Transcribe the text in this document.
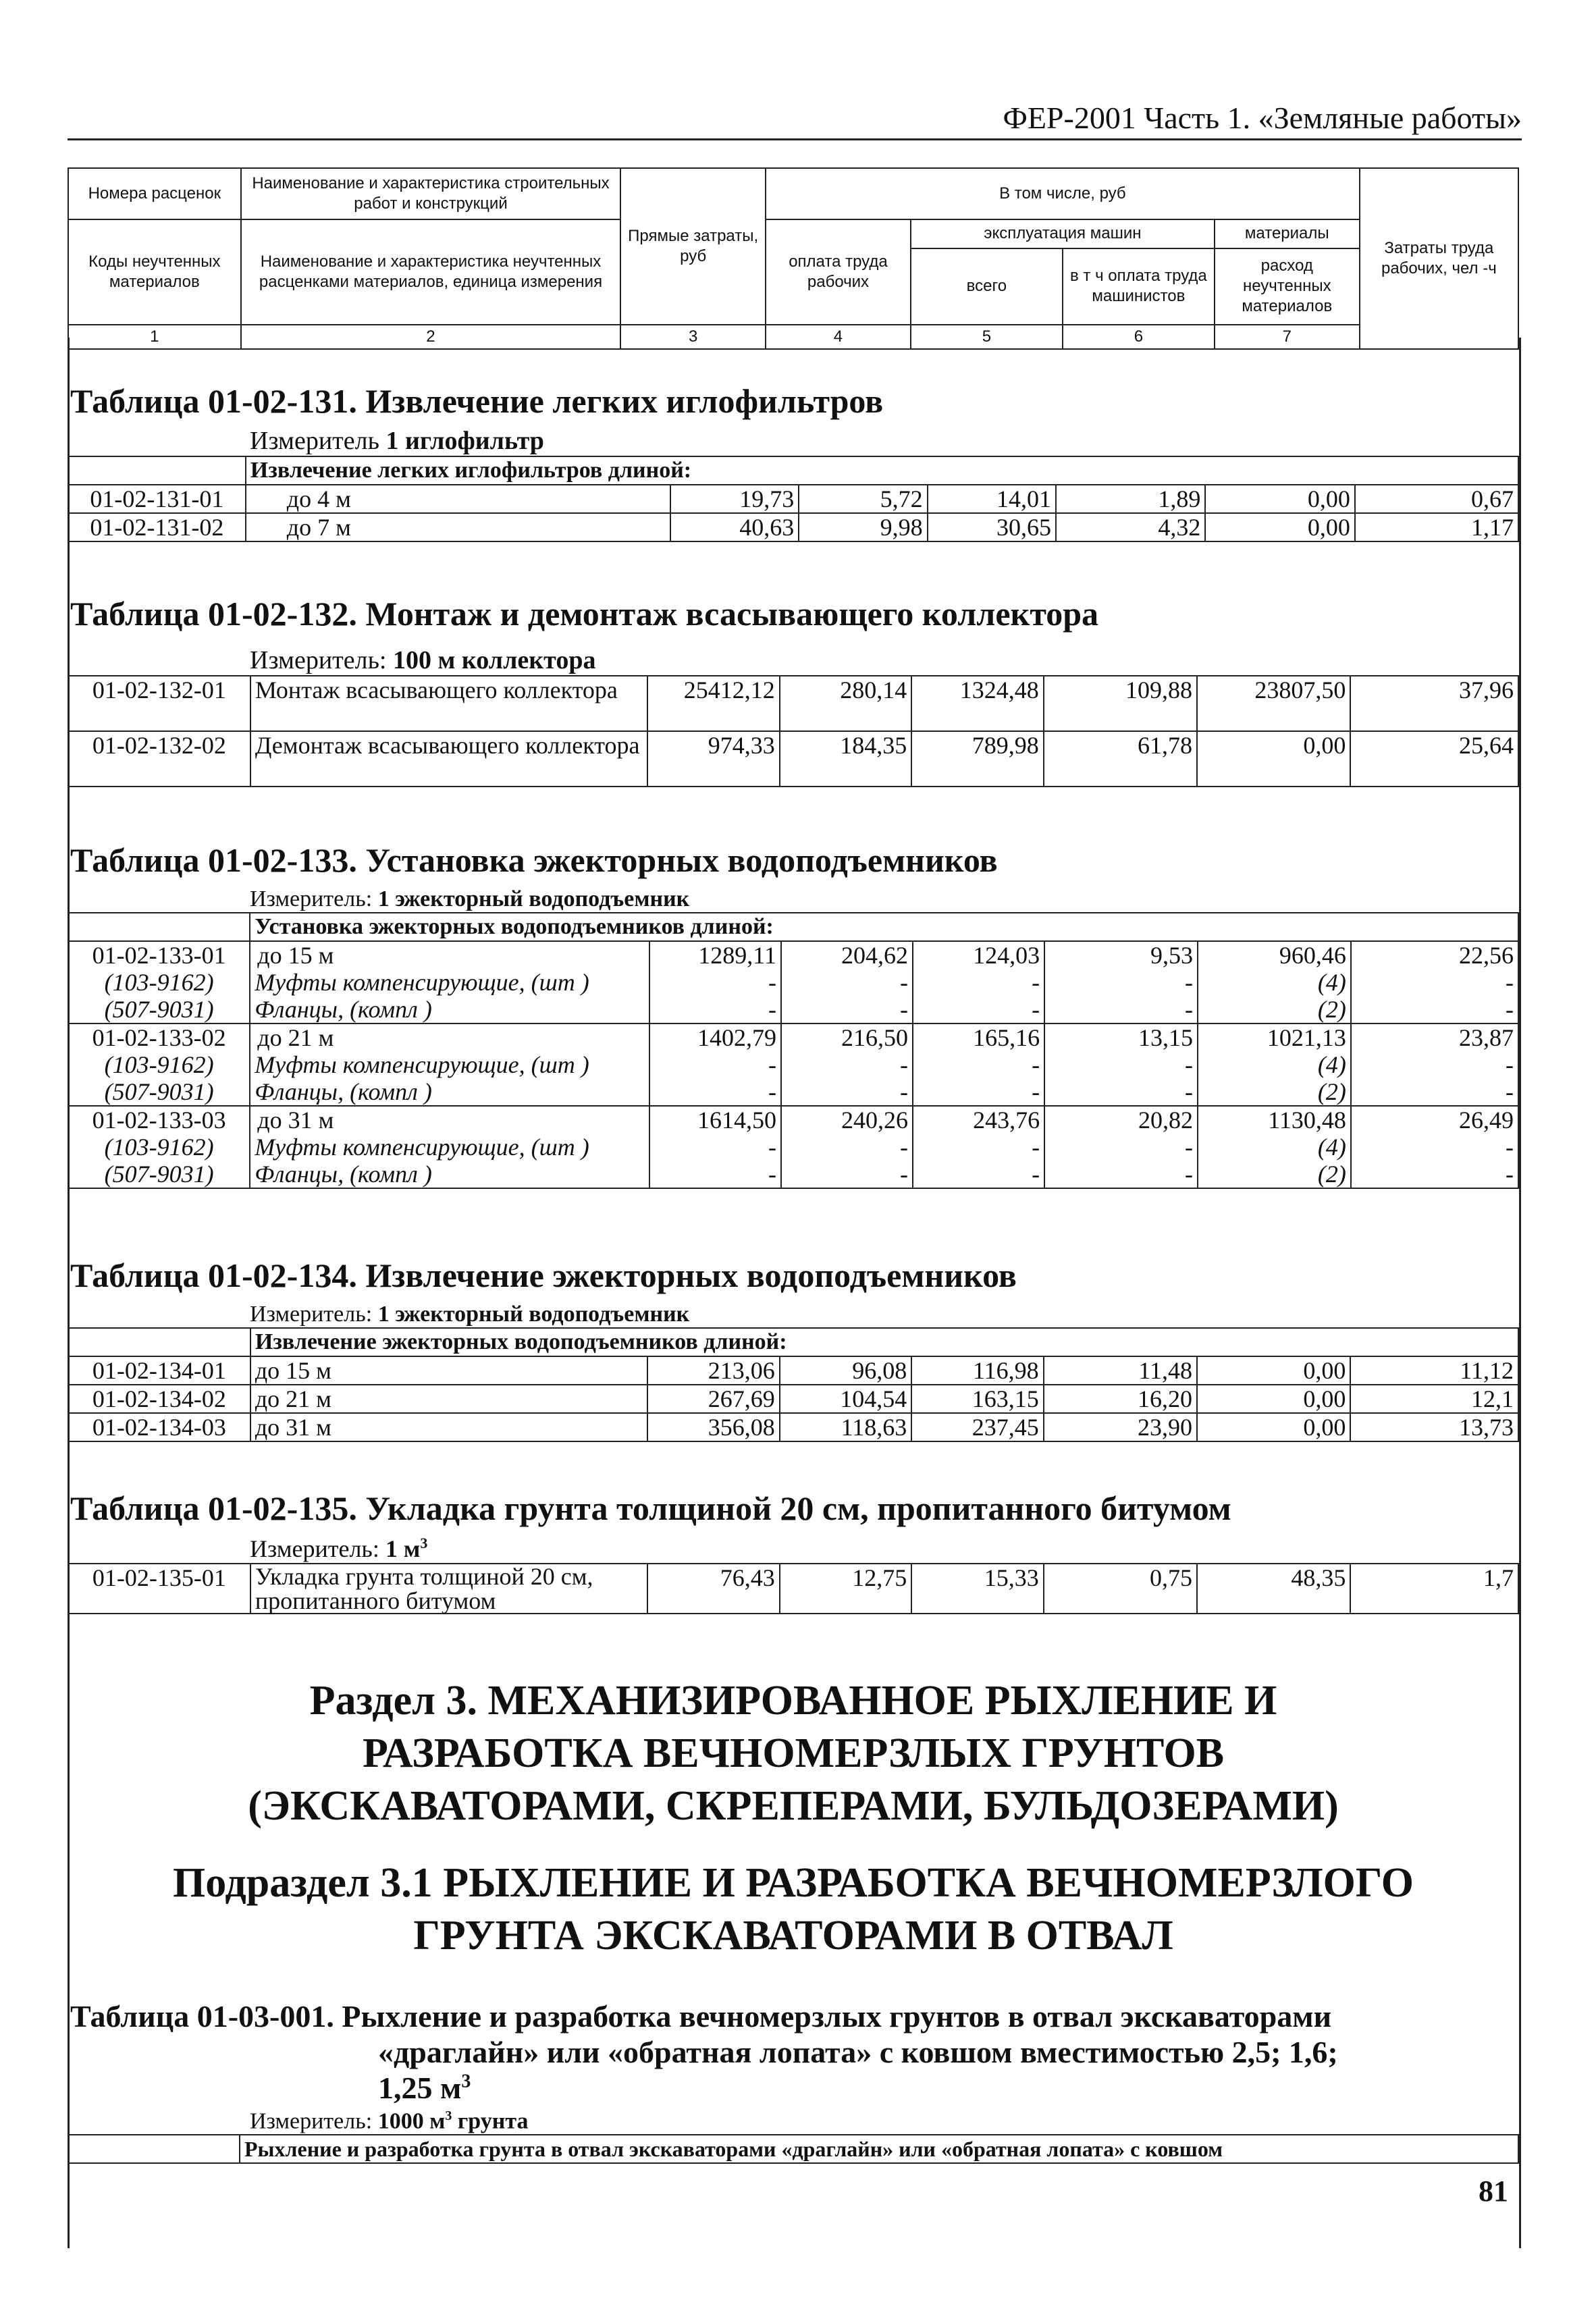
ФЕР-2001 Часть 1. «Земляные работы»
Номера расценок	Наименование и характеристика строительных работ и конструкций	Прямые затраты, руб	В том числе, руб				Затраты труда рабочих, чел -ч
Коды неучтенных материалов	Наименование и характеристика неучтенных расценками материалов, единица измерения		оплата труда рабочих	эксплуатация машин		материалы	
				всего	в т ч оплата труда машинистов	расход неучтенных материалов	
1	2	3	4	5	6	7	
Таблица 01-02-131. Извлечение легких иглофильтров
Измеритель 1 иглофильтр
	Извлечение легких иглофильтров длиной:						
01-02-131-01	до 4 м	19,73	5,72	14,01	1,89	0,00	0,67
01-02-131-02	до 7 м	40,63	9,98	30,65	4,32	0,00	1,17
Таблица 01-02-132. Монтаж и демонтаж всасывающего коллектора
Измеритель: 100 м коллектора
01-02-132-01	Монтаж всасывающего коллектора	25412,12	280,14	1324,48	109,88	23807,50	37,96
01-02-132-02	Демонтаж всасывающего коллектора	974,33	184,35	789,98	61,78	0,00	25,64
Таблица 01-02-133. Установка эжекторных водоподъемников
Измеритель: 1 эжекторный водоподъемник
	Установка эжекторных водоподъемников длиной:						
01-02-133-01	до 15 м	1289,11	204,62	124,03	9,53	960,46	22,56
(103-9162)	Муфты компенсирующие, (шт )	-	-	-	-	(4)	-
(507-9031)	Фланцы, (компл )	-	-	-	-	(2)	-
01-02-133-02	до 21 м	1402,79	216,50	165,16	13,15	1021,13	23,87
(103-9162)	Муфты компенсирующие, (шт )	-	-	-	-	(4)	-
(507-9031)	Фланцы, (компл )	-	-	-	-	(2)	-
01-02-133-03	до 31 м	1614,50	240,26	243,76	20,82	1130,48	26,49
(103-9162)	Муфты компенсирующие, (шт )	-	-	-	-	(4)	-
(507-9031)	Фланцы, (компл )	-	-	-	-	(2)	-
Таблица 01-02-134. Извлечение эжекторных водоподъемников
Измеритель: 1 эжекторный водоподъемник
	Извлечение эжекторных водоподъемников длиной:						
01-02-134-01	до 15 м	213,06	96,08	116,98	11,48	0,00	11,12
01-02-134-02	до 21 м	267,69	104,54	163,15	16,20	0,00	12,1
01-02-134-03	до 31 м	356,08	118,63	237,45	23,90	0,00	13,73
Таблица 01-02-135. Укладка грунта толщиной 20 см, пропитанного битумом
Измеритель: 1 $м^3$
01-02-135-01	Укладка грунта толщиной 20 см, пропитанного битумом	76,43	12,75	15,33	0,75	48,35	1,7
Раздел 3. МЕХАНИЗИРОВАННОЕ РЫХЛЕНИЕ И РАЗРАБОТКА ВЕЧНОМЕРЗЛЫХ ГРУНТОВ (ЭКСКАВАТОРАМИ, СКРЕПЕРАМИ, БУЛЬДОЗЕРАМИ)
Подраздел 3.1 РЫХЛЕНИЕ И РАЗРАБОТКА ВЕЧНОМЕРЗЛОГО ГРУНТА ЭКСКАВАТОРАМИ В ОТВАЛ
Таблица 01-03-001. Рыхление и разработка вечномерзлых грунтов в отвал экскаваторами
«драглайн» или «обратная лопата» с ковшом вместимостью 2,5; 1,6;
1,25 $м^3$
Измеритель: 1000 $м^3$ грунта
	Рыхление и разработка грунта в отвал экскаваторами «драглайн» или «обратная лопата» с ковшом
81
